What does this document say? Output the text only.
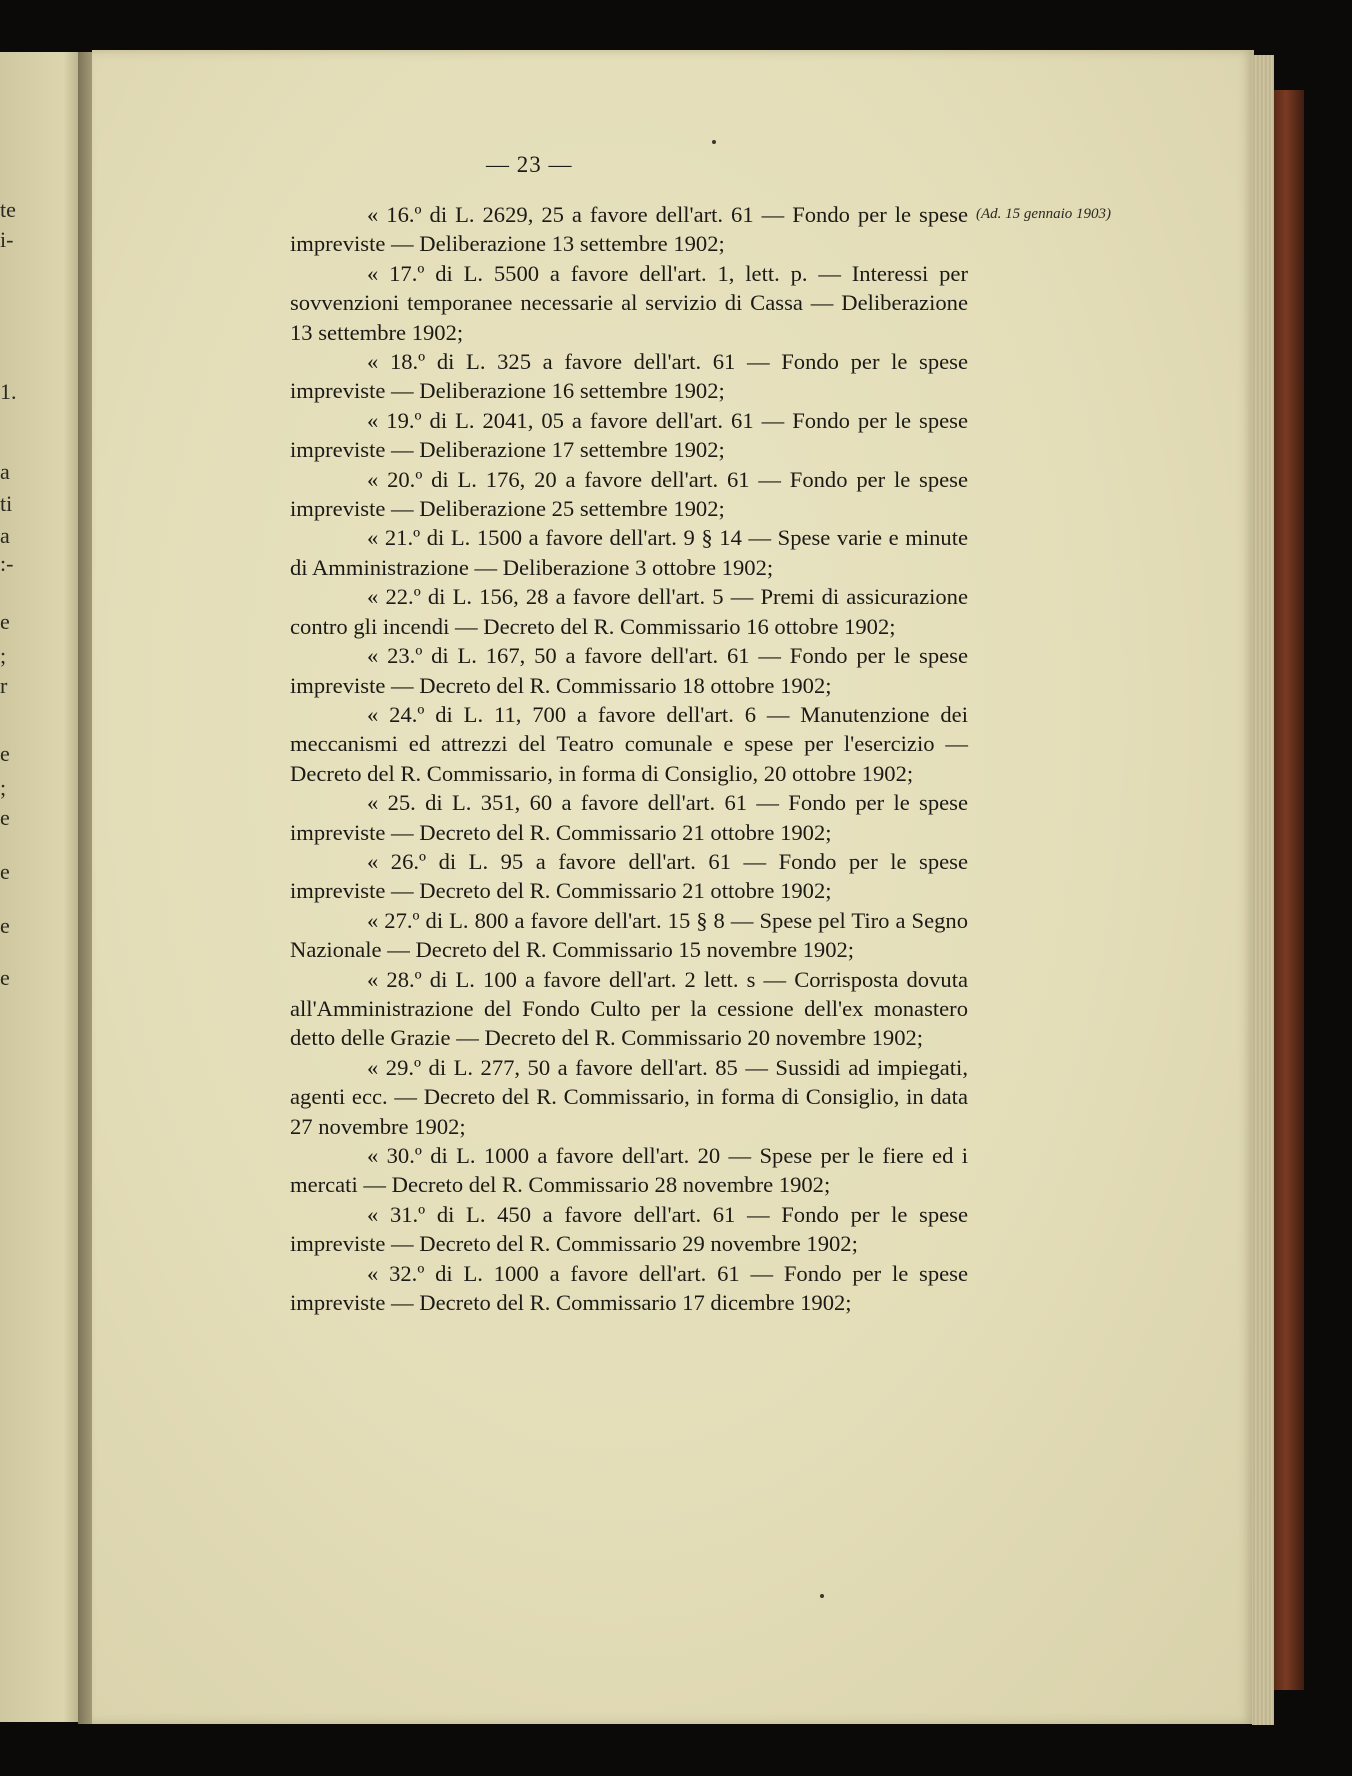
te
i-
1.
a
ti
a
:-
e
;
r
e
;
e
e
e
e
— 23 —
(Ad. 15 gennaio 1903)

« 16.º di L. 2629, 25 a favore dell'art. 61 — Fondo per le spese impreviste — Deliberazione 13 settembre 1902;

« 17.º di L. 5500 a favore dell'art. 1, lett. p. — Interessi per sovvenzioni temporanee necessarie al servizio di Cassa — Deliberazione 13 settembre 1902;

« 18.º di L. 325 a favore dell'art. 61 — Fondo per le spese impreviste — Deliberazione 16 settembre 1902;

« 19.º di L. 2041, 05 a favore dell'art. 61 — Fondo per le spese impreviste — Deliberazione 17 settembre 1902;

« 20.º di L. 176, 20 a favore dell'art. 61 — Fondo per le spese impreviste — Deliberazione 25 settembre 1902;

« 21.º di L. 1500 a favore dell'art. 9 § 14 — Spese varie e minute di Amministrazione — Deliberazione 3 ottobre 1902;

« 22.º di L. 156, 28 a favore dell'art. 5 — Premi di assicurazione contro gli incendi — Decreto del R. Commissario 16 ottobre 1902;

« 23.º di L. 167, 50 a favore dell'art. 61 — Fondo per le spese impreviste — Decreto del R. Commissario 18 ottobre 1902;

« 24.º di L. 11, 700 a favore dell'art. 6 — Manutenzione dei meccanismi ed attrezzi del Teatro comunale e spese per l'esercizio — Decreto del R. Commissario, in forma di Consiglio, 20 ottobre 1902;

« 25. di L. 351, 60 a favore dell'art. 61 — Fondo per le spese impreviste — Decreto del R. Commissario 21 ottobre 1902;

« 26.º di L. 95 a favore dell'art. 61 — Fondo per le spese impreviste — Decreto del R. Commissario 21 ottobre 1902;

« 27.º di L. 800 a favore dell'art. 15 § 8 — Spese pel Tiro a Segno Nazionale — Decreto del R. Commissario 15 novembre 1902;

« 28.º di L. 100 a favore dell'art. 2 lett. s — Corrisposta dovuta all'Amministrazione del Fondo Culto per la cessione dell'ex monastero detto delle Grazie — Decreto del R. Commissario 20 novembre 1902;

« 29.º di L. 277, 50 a favore dell'art. 85 — Sussidi ad impiegati, agenti ecc. — Decreto del R. Commissario, in forma di Consiglio, in data 27 novembre 1902;

« 30.º di L. 1000 a favore dell'art. 20 — Spese per le fiere ed i mercati — Decreto del R. Commissario 28 novembre 1902;

« 31.º di L. 450 a favore dell'art. 61 — Fondo per le spese impreviste — Decreto del R. Commissario 29 novembre 1902;

« 32.º di L. 1000 a favore dell'art. 61 — Fondo per le spese impreviste — Decreto del R. Commissario 17 dicembre 1902;
